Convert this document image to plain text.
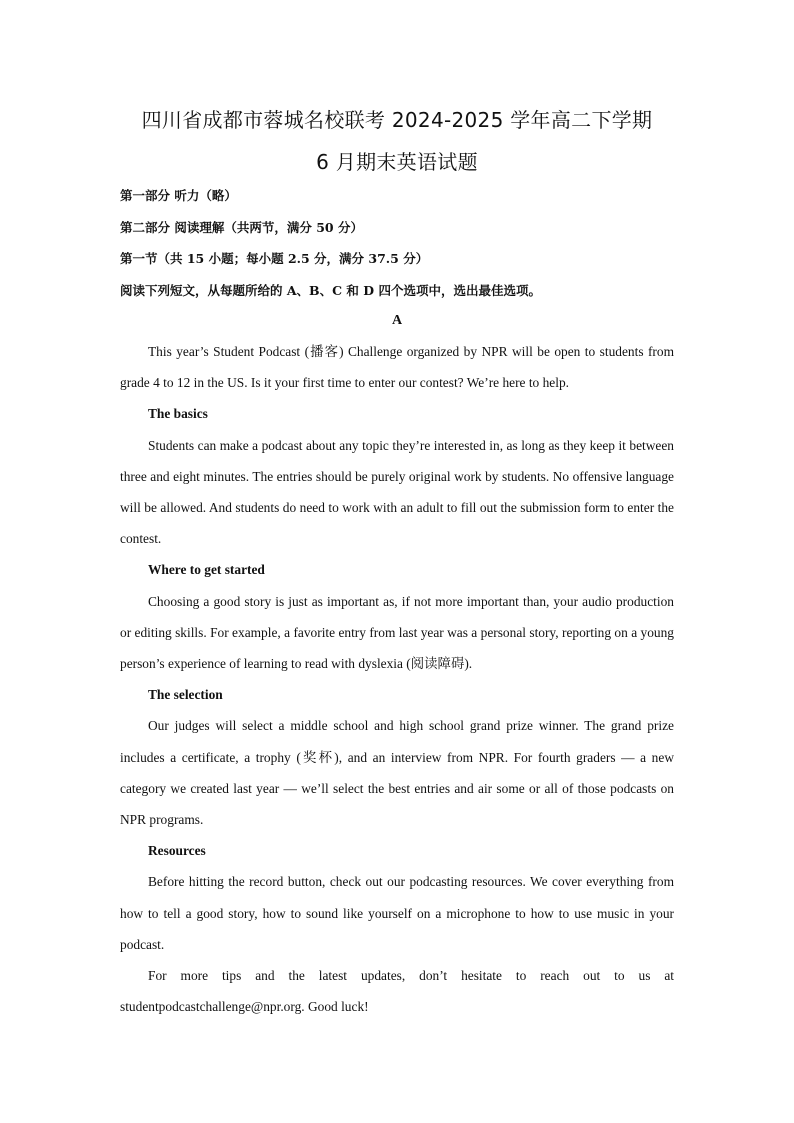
四川省成都市蓉城名校联考 2024-2025 学年高二下学期
6 月期末英语试题
第一部分 听力（略）
第二部分 阅读理解（共两节，满分 50 分）
第一节（共 15 小题；每小题 2.5 分，满分 37.5 分）
阅读下列短文，从每题所给的 A、B、C 和 D 四个选项中，选出最佳选项。
A

This year’s Student Podcast (播客) Challenge organized by NPR will be open to students from grade 4 to 12 in the US. Is it your first time to enter our contest? We’re here to help.

The basics

Students can make a podcast about any topic they’re interested in, as long as they keep it between three and eight minutes. The entries should be purely original work by students. No offensive language will be allowed. And students do need to work with an adult to fill out the submission form to enter the contest.

Where to get started

Choosing a good story is just as important as, if not more important than, your audio production or editing skills. For example, a favorite entry from last year was a personal story, reporting on a young person’s experience of learning to read with dyslexia (阅读障碍).

The selection

Our judges will select a middle school and high school grand prize winner. The grand prize includes a certificate, a trophy (奖杯), and an interview from NPR. For fourth graders — a new category we created last year — we’ll select the best entries and air some or all of those podcasts on NPR programs.

Resources

Before hitting the record button, check out our podcasting resources. We cover everything from how to tell a good story, how to sound like yourself on a microphone to how to use music in your podcast.

For more tips and the latest updates, don’t hesitate to reach out to us at studentpodcastchallenge@npr.org. Good luck!
